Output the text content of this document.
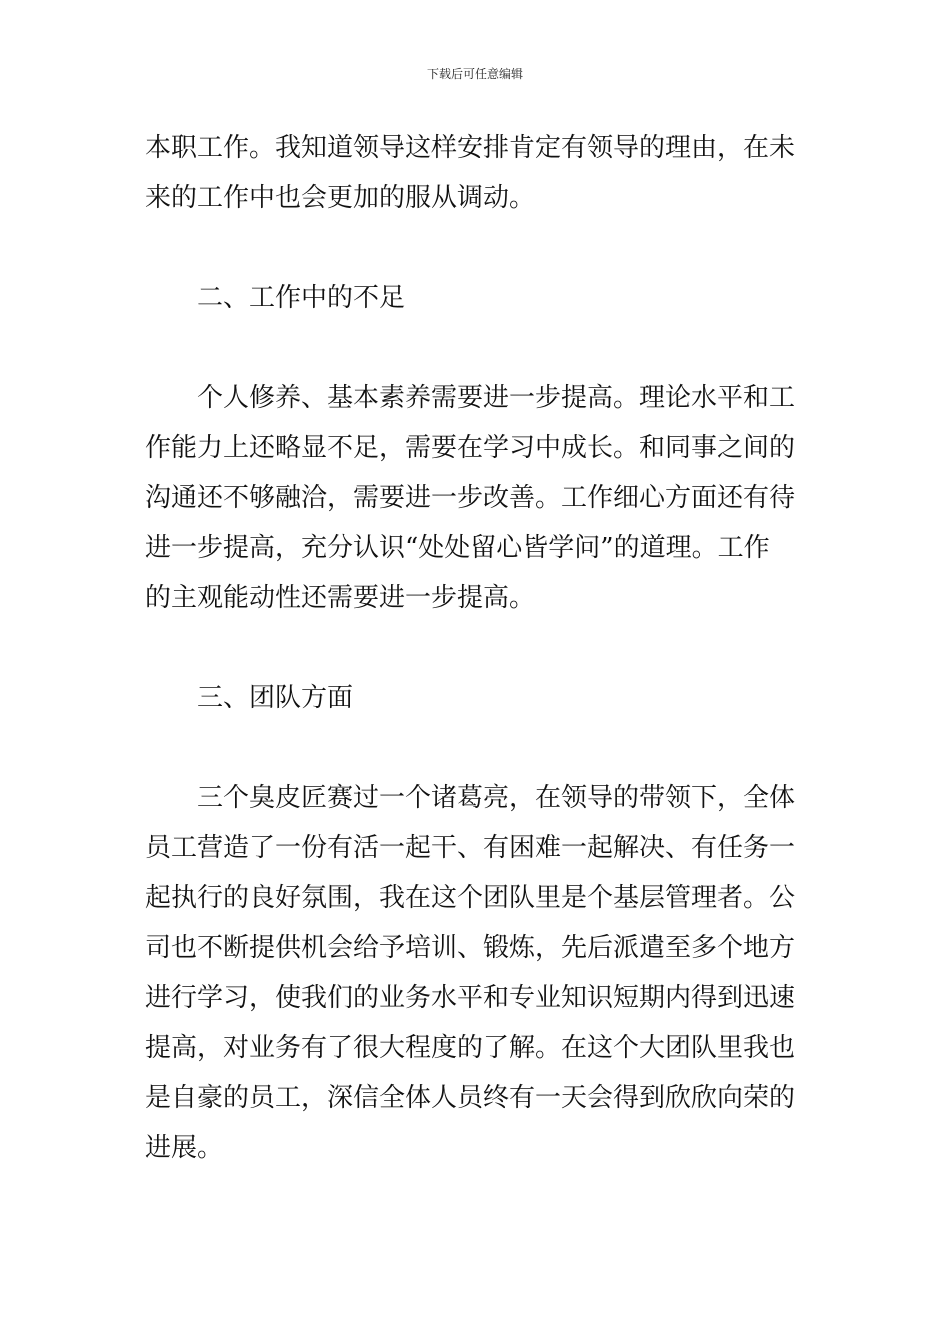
下载后可任意编辑
本职工作。我知道领导这样安排肯定有领导的理由，在未
来的工作中也会更加的服从调动。
二、工作中的不足
个人修养、基本素养需要进一步提高。理论水平和工
作能力上还略显不足，需要在学习中成长。和同事之间的
沟通还不够融洽，需要进一步改善。工作细心方面还有待
进一步提高，充分认识“处处留心皆学问”的道理。工作
的主观能动性还需要进一步提高。
三、团队方面
三个臭皮匠赛过一个诸葛亮，在领导的带领下，全体
员工营造了一份有活一起干、有困难一起解决、有任务一
起执行的良好氛围，我在这个团队里是个基层管理者。公
司也不断提供机会给予培训、锻炼，先后派遣至多个地方
进行学习，使我们的业务水平和专业知识短期内得到迅速
提高，对业务有了很大程度的了解。在这个大团队里我也
是自豪的员工，深信全体人员终有一天会得到欣欣向荣的
进展。
